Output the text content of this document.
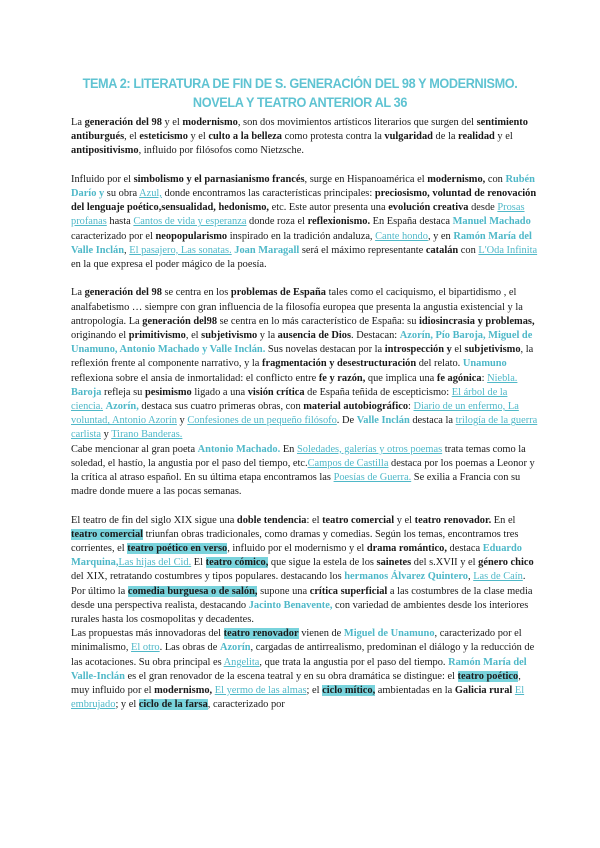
TEMA 2: LITERATURA DE FIN DE S. GENERACIÓN DEL 98 Y MODERNISMO.
NOVELA Y TEATRO ANTERIOR AL 36

La generación del 98 y el modernismo, son dos movimientos artísticos literarios que surgen del sentimiento antiburgués, el esteticismo y el culto a la belleza como protesta contra la vulgaridad de la realidad y el antipositivismo, influido por filósofos como Nietzsche.

Influido por el simbolismo y el parnasianismo francés, surge en Hispanoamérica el modernismo, con Rubén Darío y su obra Azul, donde encontramos las características principales: preciosismo, voluntad de renovación del lenguaje poético,sensualidad, hedonismo, etc. Este autor presenta una evolución creativa desde Prosas profanas hasta Cantos de vida y esperanza donde roza el reflexionismo. En España destaca Manuel Machado caracterizado por el neopopularismo inspirado en la tradición andaluza, Cante hondo, y en Ramón María del Valle Inclán, El pasajero, Las sonatas. Joan Maragall será el máximo representante catalán con L'Oda Infinita en la que expresa el poder mágico de la poesía.

La generación del 98 se centra en los problemas de España tales como el caciquismo, el bipartidismo , el analfabetismo … siempre con gran influencia de la filosofía europea que presenta la angustia existencial y la antropología. La generación del98 se centra en lo más característico de España: su idiosincrasia y problemas, originando el primitivismo, el subjetivismo y la ausencia de Dios. Destacan: Azorín, Pío Baroja, Miguel de Unamuno, Antonio Machado y Valle Inclán. Sus novelas destacan por la introspección y el subjetivismo, la reflexión frente al componente narrativo, y la fragmentación y desestructuración del relato. Unamuno reflexiona sobre el ansia de inmortalidad: el conflicto entre fe y razón, que implica una fe agónica: Niebla. Baroja refleja su pesimismo ligado a una visión crítica de España teñida de escepticismo: El árbol de la ciencia. Azorín, destaca sus cuatro primeras obras, con material autobiográfico: Diario de un enfermo, La voluntad, Antonio Azorín y Confesiones de un pequeño filósofo. De Valle Inclán destaca la trilogía de la guerra carlista y Tirano Banderas.

Cabe mencionar al gran poeta Antonio Machado. En Soledades, galerías y otros poemas trata temas como la soledad, el hastío, la angustia por el paso del tiempo, etc.Campos de Castilla destaca por los poemas a Leonor y la crítica al atraso español. En su última etapa encontramos las Poesías de Guerra. Se exilia a Francia con su madre donde muere a las pocas semanas.

El teatro de fin del siglo XIX sigue una doble tendencia: el teatro comercial y el teatro renovador. En el teatro comercial triunfan obras tradicionales, como dramas y comedias. Según los temas, encontramos tres corrientes, el teatro poético en verso, influido por el modernismo y el drama romántico, destaca Eduardo Marquina,Las hijas del Cid. El teatro cómico, que sigue la estela de los sainetes del s.XVII y el género chico del XIX, retratando costumbres y tipos populares. destacando los hermanos Álvarez Quintero, Las de Caín. Por último la comedia burguesa o de salón, supone una crítica superficial a las costumbres de la clase media desde una perspectiva realista, destacando Jacinto Benavente, con variedad de ambientes desde los interiores rurales hasta los cosmopolitas y decadentes.

Las propuestas más innovadoras del teatro renovador vienen de Miguel de Unamuno, caracterizado por el minimalismo, El otro. Las obras de Azorín, cargadas de antirrealismo, predominan el diálogo y la reducción de las acotaciones. Su obra principal es Angelita, que trata la angustia por el paso del tiempo. Ramón María del Valle-Inclán es el gran renovador de la escena teatral y en su obra dramática se distingue: el teatro poético, muy influido por el modernismo, El yermo de las almas; el ciclo mítico, ambientadas en la Galicia rural El embrujado; y el ciclo de la farsa, caracterizado por
